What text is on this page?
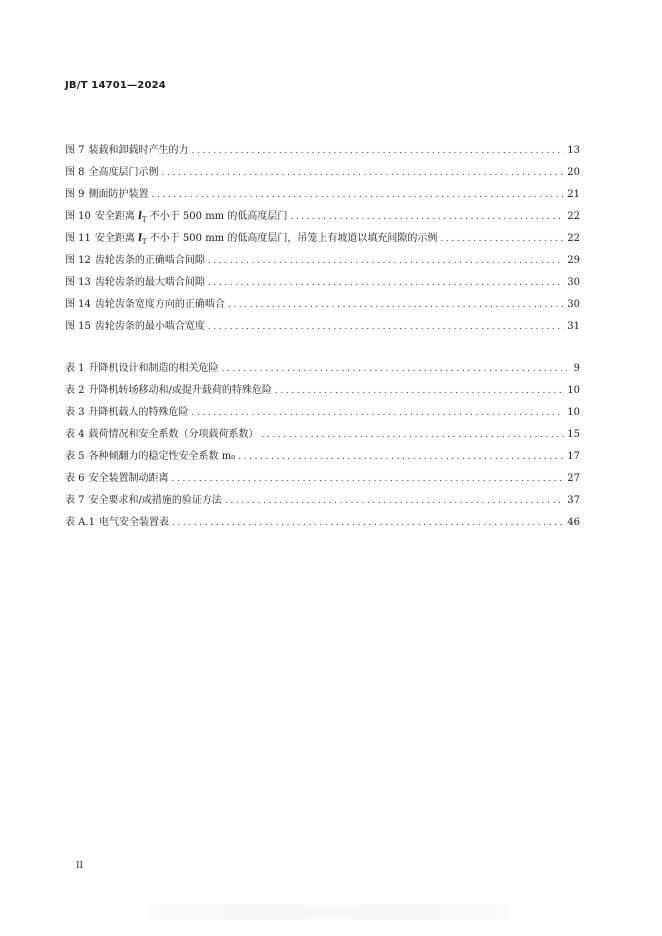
JB/T 14701—2024
图 7 装载和卸载时产生的力 .....	13
图 8 全高度层门示例 .....	20
图 9 侧面防护装置 .....	21
图 10 安全距离 $l_T$ 不小于 500 mm 的低高度层门 .....	22
图 11 安全距离 $l_T$ 不小于 500 mm 的低高度层门，吊笼上有坡道以填充间隙的示例 .....	22
图 12 齿轮齿条的正确啮合间隙 .....	29
图 13 齿轮齿条的最大啮合间隙 .....	30
图 14 齿轮齿条宽度方向的正确啮合 .....	30
图 15 齿轮齿条的最小啮合宽度 .....	31
表 1 升降机设计和制造的相关危险 .....	9
表 2 升降机转场移动和/或提升载荷的特殊危险 .....	10
表 3 升降机载人的特殊危险 .....	10
表 4 载荷情况和安全系数（分项载荷系数） .....	15
表 5 各种倾翻力的稳定性安全系数 m₀ .....	17
表 6 安全装置制动距离 .....	27
表 7 安全要求和/或措施的验证方法 .....	37
表 A.1 电气安全装置表 .....	46
II
